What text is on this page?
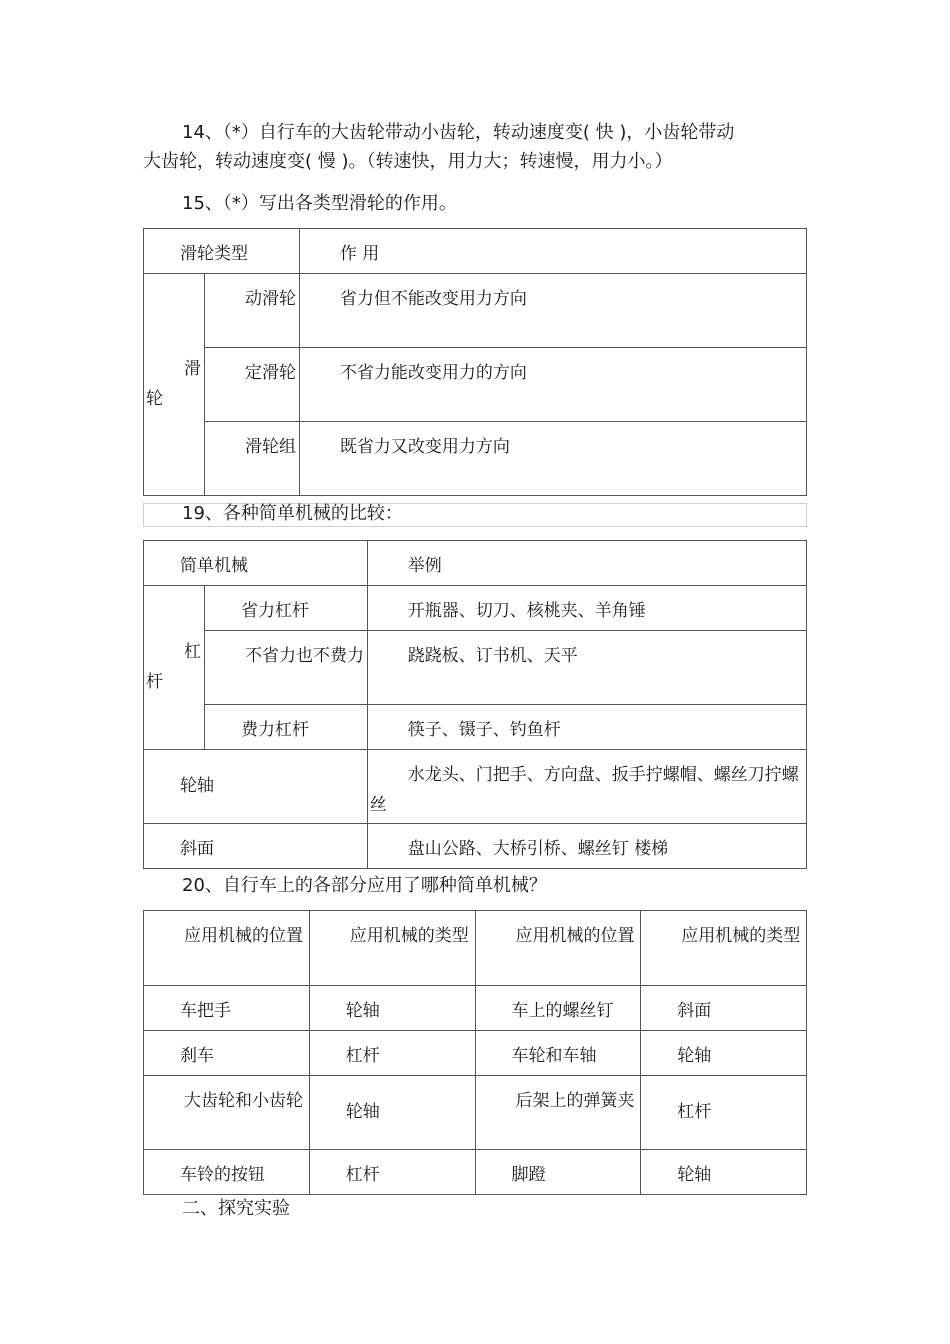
14、（*）自行车的大齿轮带动小齿轮，转动速度变( 快 )，小齿轮带动
大齿轮，转动速度变( 慢 )。（转速快，用力大；转速慢，用力小。）
15、（*）写出各类型滑轮的作用。
滑轮类型		作 用
滑轮	动滑轮	省力但不能改变用力方向
	定滑轮	不省力能改变用力的方向
	滑轮组	既省力又改变用力方向
19、各种简单机械的比较：
简单机械		举例
杠杆	省力杠杆	开瓶器、切刀、核桃夹、羊角锤
	不省力也不费力	跷跷板、订书机、天平
	费力杠杆	筷子、镊子、钓鱼杆
轮轴		水龙头、门把手、方向盘、扳手拧螺帽、螺丝刀拧螺丝
斜面		盘山公路、大桥引桥、螺丝钉 楼梯
20、自行车上的各部分应用了哪种简单机械？
应用机械的位置	应用机械的类型	应用机械的位置	应用机械的类型
车把手	轮轴	车上的螺丝钉	斜面
刹车	杠杆	车轮和车轴	轮轴
大齿轮和小齿轮	轮轴	后架上的弹簧夹	杠杆
车铃的按钮	杠杆	脚蹬	轮轴
二、探究实验
